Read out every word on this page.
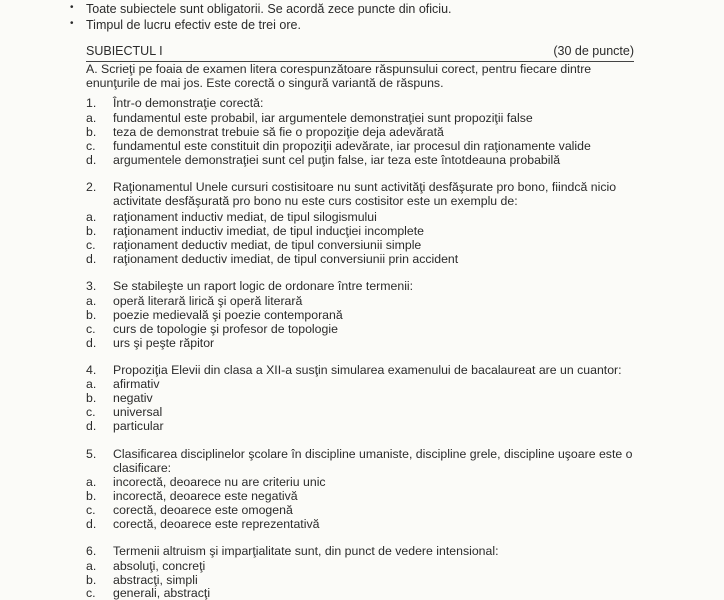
• Toate subiectele sunt obligatorii. Se acordă zece puncte din oficiu.
• Timpul de lucru efectiv este de trei ore.
SUBIECTUL I	(30 de puncte)
A. Scrieţi pe foaia de examen litera corespunzătoare răspunsului corect, pentru fiecare dintre enunţurile de mai jos. Este corectă o singură variantă de răspuns.
1. Într-o demonstraţie corectă:
a.	fundamentul este probabil, iar argumentele demonstraţiei sunt propoziţii false
b.	teza de demonstrat trebuie să fie o propoziţie deja adevărată
c.	fundamentul este constituit din propoziţii adevărate, iar procesul din raţionamente valide
d.	argumentele demonstraţiei sunt cel puţin false, iar teza este întotdeauna probabilă
2. Raţionamentul Unele cursuri costisitoare nu sunt activităţi desfăşurate pro bono, fiindcă nicio activitate desfăşurată pro bono nu este curs costisitor este un exemplu de:
a.	raţionament inductiv mediat, de tipul silogismului
b.	raţionament inductiv imediat, de tipul inducţiei incomplete
c.	raţionament deductiv mediat, de tipul conversiunii simple
d.	raţionament deductiv imediat, de tipul conversiunii prin accident
3. Se stabileşte un raport logic de ordonare între termenii:
a.	operă literară lirică şi operă literară
b.	poezie medievală şi poezie contemporană
c.	curs de topologie şi profesor de topologie
d.	urs şi peşte răpitor
4. Propoziţia Elevii din clasa a XII-a susţin simularea examenului de bacalaureat are un cuantor:
a.	afirmativ
b.	negativ
c.	universal
d.	particular
5. Clasificarea disciplinelor şcolare în discipline umaniste, discipline grele, discipline uşoare este o clasificare:
a.	incorectă, deoarece nu are criteriu unic
b.	incorectă, deoarece este negativă
c.	corectă, deoarece este omogenă
d.	corectă, deoarece este reprezentativă
6. Termenii altruism şi imparţialitate sunt, din punct de vedere intensional:
a.	absoluţi, concreţi
b.	abstracţi, simpli
c.	generali, abstracţi
